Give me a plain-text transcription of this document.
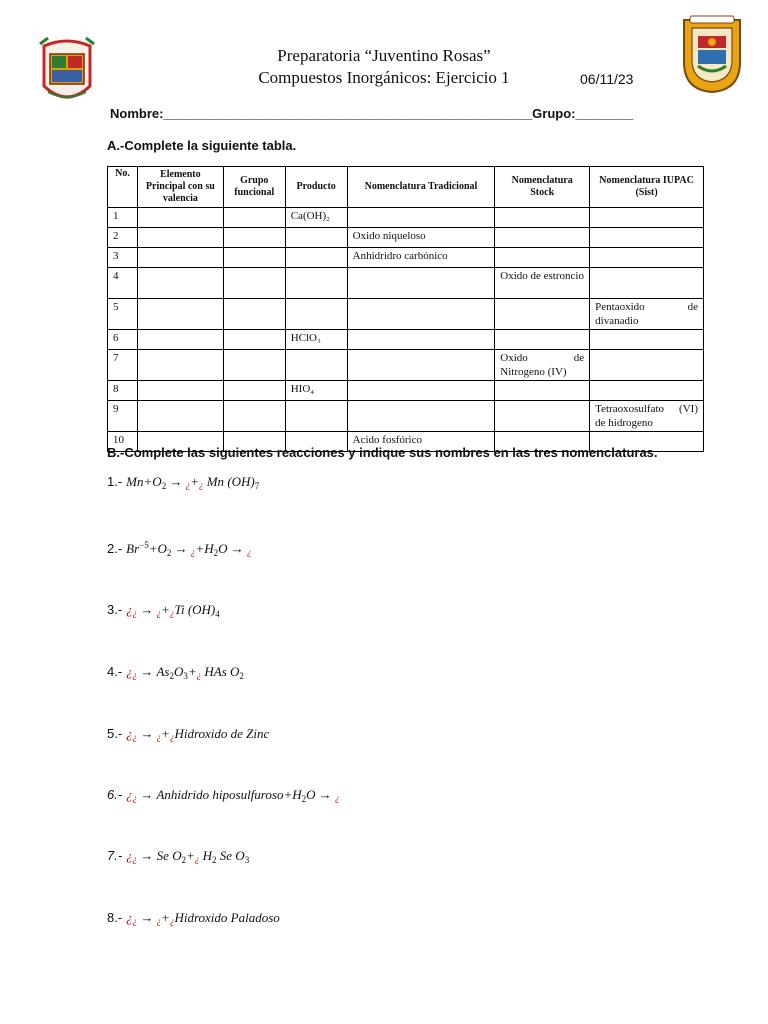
Preparatoria “Juventino Rosas”
Compuestos Inorgánicos: Ejercicio 1	06/11/23
Nombre:___________________________________________________Grupo:________
A.-Complete la siguiente tabla.
No.	Elemento Principal con su valencia	Grupo funcional	Producto	Nomenclatura Tradicional	Nomenclatura Stock	Nomenclatura IUPAC (Sist)
1			Ca(OH)₂			
2				Oxido niqueloso		
3				Anhidridro carbónico		
4					Oxido de estroncio	
5						Pentaoxido de divanadio
6			HClO₃			
7					Oxido de Nitrogeno (IV)	
8			HIO₄			
9						Tetraoxosulfato (VI) de hidrogeno
10				Acido fosfórico		
B.-Complete las siguientes reacciones y indique sus nombres en las tres nomenclaturas.
1.- $Mn+O_2$ → ¿+¿ Mn $(OH)_7$
2.- $Br^{-5}+O_2$ → ¿$+H_2O$ → ¿
3.- ¿¿ → ¿+¿Ti $(OH)_4$
4.- ¿¿ → $As_2O_3+¿$ HAs $O_2$
5.- ¿¿ → ¿+¿Hidroxido de Zinc
6.- ¿¿ → Anhidrido $hiposulfuroso+H_2O$ → ¿
7.- ¿¿ → Se $O_2+¿$ $H_2$ Se $O_3$
8.- ¿¿ → ¿+¿Hidroxido Paladoso
